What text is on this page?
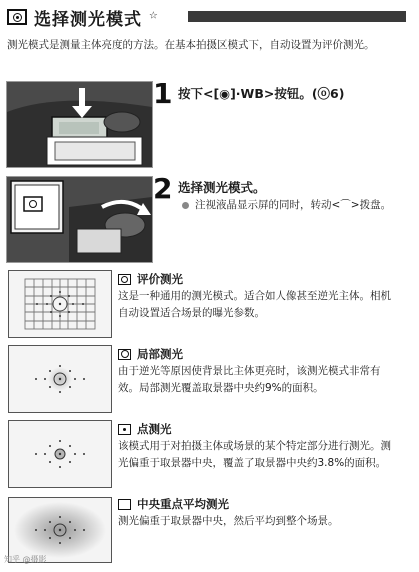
选择测光模式 ☆
测光模式是测量主体亮度的方法。在基本拍摄区模式下，自动设置为评价测光。
1 按下<[◉]·WB>按钮。(ⓞ6)
2 选择测光模式。
注视液晶显示屏的同时，转动<⌒>拨盘。
评价测光
这是一种通用的测光模式。适合如人像甚至逆光主体。相机自动设置适合场景的曝光参数。
局部测光
由于逆光等原因使背景比主体更亮时，该测光模式非常有效。局部测光覆盖取景器中央约9%的面积。
点测光
该模式用于对拍摄主体或场景的某个特定部分进行测光。测光偏重于取景器中央，覆盖了取景器中央约3.8%的面积。
中央重点平均测光
测光偏重于取景器中央，然后平均到整个场景。
知乎 @摄影
